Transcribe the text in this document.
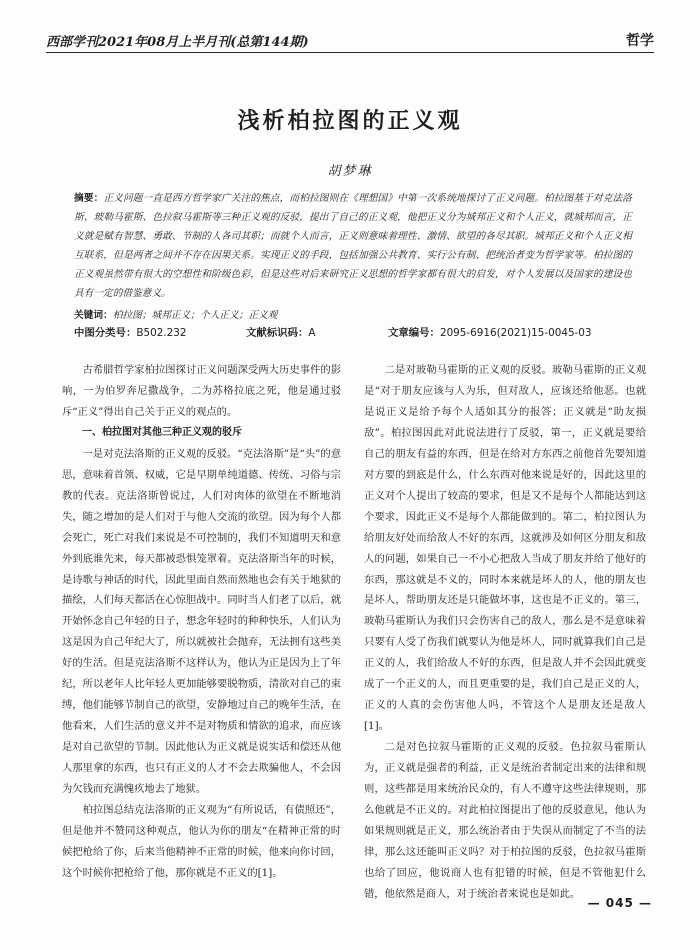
西部学刊2021年08月上半月刊(总第144期)	哲学
浅析柏拉图的正义观
胡梦琳
摘要：正义问题一直是西方哲学家广关注的焦点，而柏拉图则在《理想国》中第一次系统地探讨了正义问题。柏拉图基于对克法洛斯、玻勒马霍斯、色拉叙马霍斯等三种正义观的反驳，提出了自己的正义观，他把正义分为城邦正义和个人正义，就城邦而言，正义就是赋有智慧、勇敢、节制的人各司其职；而就个人而言，正义则意味着理性、激情、欲望的各尽其职。城邦正义和个人正义相互联系，但是两者之间并不存在因果关系。实现正义的手段，包括加强公共教育、实行公有制、把统治者变为哲学家等。柏拉图的正义观虽然带有很大的空想性和阶级色彩，但是这些对后来研究正义思想的哲学家都有很大的启发，对个人发展以及国家的建设也具有一定的借鉴意义。
关键词：柏拉图；城邦正义；个人正义；正义观
中图分类号：B502.232	文献标识码：A	文章编号：2095-6916(2021)15-0045-03

古希腊哲学家柏拉图探讨正义问题深受两大历史事件的影响，一为伯罗奔尼撒战争，二为苏格拉底之死，他是通过驳斥“正义”得出自己关于正义的观点的。

一、柏拉图对其他三种正义观的驳斥

一是对克法洛斯的正义观的反驳。“克法洛斯”是“头”的意思，意味着首领、权威，它是早期单纯道德、传统、习俗与宗教的代表。克法洛斯曾说过，人们对肉体的欲望在不断地消失，随之增加的是人们对于与他人交流的欲望。因为每个人都会死亡，死亡对我们来说是不可控制的，我们不知道明天和意外到底谁先来，每天都被恐惧笼罩着。克法洛斯当年的时候，是诗歌与神话的时代，因此里面自然而然地也会有关于地狱的描绘，人们每天都活在心惊胆战中。同时当人们老了以后，就开始怀念自己年轻的日子，想念年轻时的种种快乐，人们认为这是因为自己年纪大了，所以就被社会抛弃，无法拥有这些美好的生活。但是克法洛斯不这样认为，他认为正是因为上了年纪，所以老年人比年轻人更加能够要脱物质，清欲对自己的束缚，他们能够节制自己的欲望，安静地过自己的晚年生活，在他看来，人们生活的意义并不是对物质和情欲的追求，而应该是对自己欲望的节制。因此他认为正义就是说实话和偿还从他人那里拿的东西，也只有正义的人才不会去欺骗他人，不会因为欠钱而充满愧疚地去了地狱。

柏拉图总结克法洛斯的正义观为“有所说话，有债照还”，但是他并不赞同这种观点，他认为你的朋友“在精神正常的时候把枪给了你，后来当他精神不正常的时候，他来向你讨回，这个时候你把枪给了他，那你就是不正义的[1]。

二是对玻勒马霍斯的正义观的反驳。玻勒马霍斯的正义观是“对于朋友应该与人为乐，但对敌人，应该还给他恶。也就是说正义是给予每个人适如其分的报答；正义就是“助友损敌”。柏拉图因此对此说法进行了反驳，第一，正义就是要给自己的朋友有益的东西，但是在给对方东西之前他首先要知道对方要的到底是什么，什么东西对他来说是好的，因此这里的正义对个人提出了较高的要求，但是又不是每个人都能达到这个要求，因此正义不是每个人都能做到的。第二，柏拉图认为给朋友好处而给敌人不好的东西，这就涉及如何区分朋友和敌人的问题，如果自己一不小心把敌人当成了朋友并给了他好的东西，那这就是不义的，同时本来就是坏人的人，他的朋友也是坏人，帮助朋友还是只能做坏事，这也是不正义的。第三，玻勒马霍斯认为我们只会伤害自己的敌人，那么是不是意味着只要有人受了伤我们就要认为他是坏人，同时就算我们自己是正义的人，我们给敌人不好的东西，但是敌人并不会因此就变成了一个正义的人，而且更重要的是，我们自己是正义的人，正义的人真的会伤害他人吗，不管这个人是朋友还是敌人[1]。

二是对色拉叙马霍斯的正义观的反驳。色拉叙马霍斯认为，正义就是强者的利益，正义是统治者制定出来的法律和规则，这些都是用来统治民众的，有人不遵守这些法律规则，那么他就是不正义的。对此柏拉图提出了他的反驳意见，他认为如果规则就是正义，那么统治者由于失误从而制定了不当的法律，那么这还能叫正义吗？对于柏拉图的反驳，色拉叙马霍斯也给了回应，他说商人也有犯错的时候，但是不管他犯什么错，他依然是商人，对于统治者来说也是如此。

— 045 —
